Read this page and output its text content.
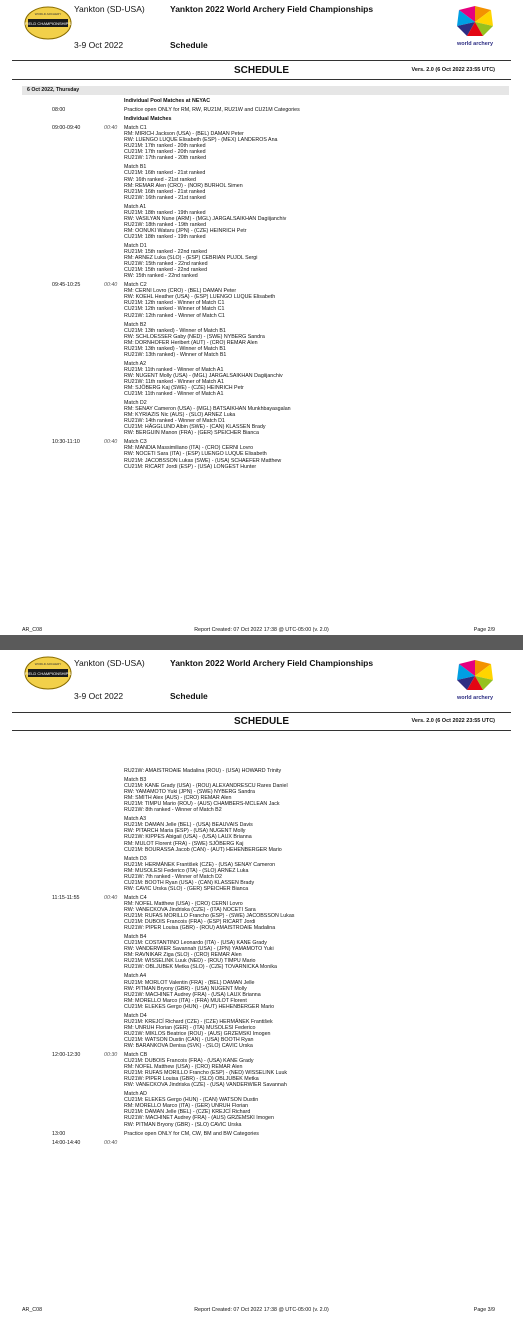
FIELD CHAMPIONSHIPS
WORLD ARCHERY Yankton (SD-USA)
3-9 Oct 2022
Yankton 2022 World Archery Field Championships
Schedule	world archery
SCHEDULE	Vers. 2.0 (6 Oct 2022 23:55 UTC)
6 Oct 2022, Thursday
Individual Pool Matches at NEYAC
08:00	Practice open ONLY for RM, RW, RU21M, RU21W and CU21M Categories
Individual Matches
09:00-09:40	00:40 Match C1
RM: MIRICH Jackson (USA) - (BEL) DAMAN Peter
RW: LUENGO LUQUE Elisabeth (ESP) - (MEX) LANDEROS Ana
RU21M: 17th ranked - 20th ranked
CU21M: 17th ranked - 20th ranked
RU21W: 17th ranked - 20th ranked
Match B1
CU21M: 16th ranked - 21st ranked
RW: 16th ranked - 21st ranked
RM: REMAR Alen (CRO) - (NOR) BURHOL Simen
RU21M: 16th ranked - 21st ranked
RU21W: 16th ranked - 21st ranked
Match A1
RU21M: 18th ranked - 19th ranked
RW: VASILYAN Nune (ARM) - (MGL) JARGALSAIKHAN Dagiijanchiv
RU21W: 18th ranked - 19th ranked
RM: OONUKI Wataru (JPN) - (CZE) HEINRICH Petr
CU21M: 18th ranked - 19th ranked
Match D1
RU21M: 15th ranked - 22nd ranked
RM: ARNEZ Luka (SLO) - (ESP) CEBRIAN PUJOL Sergi
RU21W: 15th ranked - 22nd ranked
CU21M: 15th ranked - 22nd ranked
RW: 15th ranked - 22nd ranked
09:45-10:25	00:40 Match C2
RM: CERNI Lovro (CRO) - (BEL) DAMAN Peter
RW: KOEHL Heather (USA) - (ESP) LUENGO LUQUE Elisabeth
RU21M: 12th ranked - Winner of Match C1
CU21M: 12th ranked - Winner of Match C1
RU21W: 12th ranked - Winner of Match C1
Match B2
CU21M: 13th ranked) - Winner of Match B1
RW: SCHLOESSER Gaby (NED) - (SWE) NYBERG Sandra
RM: DORNHOFER Heribert (AUT) - (CRO) REMAR Alen
RU21M: 13th ranked) - Winner of Match B1
RU21W: 13th ranked) - Winner of Match B1
Match A2
RU21M: 11th ranked - Winner of Match A1
RW: NUGENT Molly (USA) - (MGL) JARGALSAIKHAN Dagiijanchiv
RU21W: 11th ranked - Winner of Match A1
RM: SJÖBERG Kaj (SWE) - (CZE) HEINRICH Petr
CU21M: 11th ranked - Winner of Match A1
Match D2
RM: SENAY Cameron (USA) - (MGL) BATSAIKHAN Munkhbayasgalan
RM: KYRIAZIS Nic (AUS) - (SLO) ARNEZ Luka
RU21W: 14th ranked - Winner of Match D1
CU21M: HÄGGLUND Albin (SWE) - (CAN) KLASSEN Brady
RW: BERGUIN Manon (FRA) - (GER) SPEICHER Bianca
10:30-11:10	00:40 Match C3
RM: MANDIA Massimiliano (ITA) - (CRO) CERNI Lovro
RW: NOCETI Sara (ITA) - (ESP) LUENGO LUQUE Elisabeth
RU21M: JACOBSSON Lukas (SWE) - (USA) SCHAEFER Matthew
CU21M: RICART Jordi (ESP) - (USA) LONGEST Hunter
AR_C08	Report Created: 07 Oct 2022 17:38 @ UTC-05:00 (v. 2.0)	Page 2/9
FIELD CHAMPIONSHIPS
WORLD ARCHERY Yankton (SD-USA)
3-9 Oct 2022
Yankton 2022 World Archery Field Championships
Schedule	world archery
SCHEDULE	Vers. 2.0 (6 Oct 2022 23:55 UTC)
RU21W: AMAISTROAIE Madalina (ROU) - (USA) HOWARD Trinity
Match B3
CU21M: KANE Grady (USA) - (ROU) ALEXANDRESCU Rares Daniel
RW: YAMAMOTO Yuki (JPN) - (SWE) NYBERG Sandra
RM: SMITH Alex (AUS) - (CRO) REMAR Alen
RU21M: TIMPU Mario (ROU) - (AUS) CHAMBERS-MCLEAN Jack
RU21W: 8th ranked - Winner of Match B2
Match A3
RU21M: DAMAN Jelle (BEL) - (USA) BEAUVAIS Davis
RW: PITARCH Maria (ESP) - (USA) NUGENT Molly
RU21W: KIPPES Abigail (USA) - (USA) LAUX Brianna
RM: MULOT Florent (FRA) - (SWE) SJÖBERG Kaj
CU21M: BOURASSA Jacob (CAN) - (AUT) HEHENBERGER Mario
Match D3
RU21M: HERMÁNEK František (CZE) - (USA) SENAY Cameron
RM: MUSOLESI Federico (ITA) - (SLO) ARNEZ Luka
RU21W: 7th ranked - Winner of Match D2
CU21M: BOOTH Ryan (USA) - (CAN) KLASSEN Brady
RW: CAVIC Urska (SLO) - (GER) SPEICHER Bianca
11:15-11:55	00:40 Match C4
RM: NOFEL Matthew (USA) - (CRO) CERNI Lovro
RW: VANECKOVA Jindriska (CZE) - (ITA) NOCETI Sara
RU21M: RUFAS MORILLO Francho (ESP) - (SWE) JACOBSSON Lukas
CU21M: DUBOIS Francois (FRA) - (ESP) RICART Jordi
RU21W: PIPER Louisa (GBR) - (ROU) AMAISTROAIE Madalina
Match B4
CU21M: COSTANTINO Leonardo (ITA) - (USA) KANE Grady
RW: VANDERWIER Savannah (USA) - (JPN) YAMAMOTO Yuki
RM: RAVNIKAR Ziga (SLO) - (CRO) REMAR Alen
RU21M: WISSELINK Luuk (NED) - (ROU) TIMPU Mario
RU21W: OBLJUBEK Metka (SLO) - (CZE) TOVARNICKA Monika
Match A4
RU21M: MORLOT Valentin (FRA) - (BEL) DAMAN Jelle
RW: PITMAN Bryony (GBR) - (USA) NUGENT Molly
RU21W: MACHINET Audrey (FRA) - (USA) LAUX Brianna
RM: MORELLO Marco (ITA) - (FRA) MULOT Florent
CU21M: ELEKES Gergo (HUN) - (AUT) HEHENBERGER Mario
Match D4
RU21M: KREJCÍ Richard (CZE) - (CZE) HERMÁNEK František
RM: UNRUH Florian (GER) - (ITA) MUSOLESI Federico
RU21W: MIKLOS Beatrice (ROU) - (AUS) GRZEMSKI Imogen
CU21M: WATSON Dustin (CAN) - (USA) BOOTH Ryan
RW: BARANKOVA Denisa (SVK) - (SLO) CAVIC Urska
12:00-12:30	00:30 Match CB
CU21M: DUBOIS Francois (FRA) - (USA) KANE Grady
RM: NOFEL Matthew (USA) - (CRO) REMAR Alen
RU21M: RUFAS MORILLO Francho (ESP) - (NED) WISSELINK Luuk
RU21W: PIPER Louisa (GBR) - (SLO) OBLJUBEK Metka
RW: VANECKOVA Jindriska (CZE) - (USA) VANDERWIER Savannah
Match AD
CU21M: ELEKES Gergo (HUN) - (CAN) WATSON Dustin
RM: MORELLO Marco (ITA) - (GER) UNRUH Florian
RU21M: DAMAN Jelle (BEL) - (CZE) KREJCÍ Richard
RU21W: MACHINET Audrey (FRA) - (AUS) GRZEMSKI Imogen
RW: PITMAN Bryony (GBR) - (SLO) CAVIC Urska
13:00	Practice open ONLY for CM, CW, BM and BW Categories
14:00-14:40	00:40

AR_C08	Report Created: 07 Oct 2022 17:38 @ UTC-05:00 (v. 2.0)	Page 3/9
